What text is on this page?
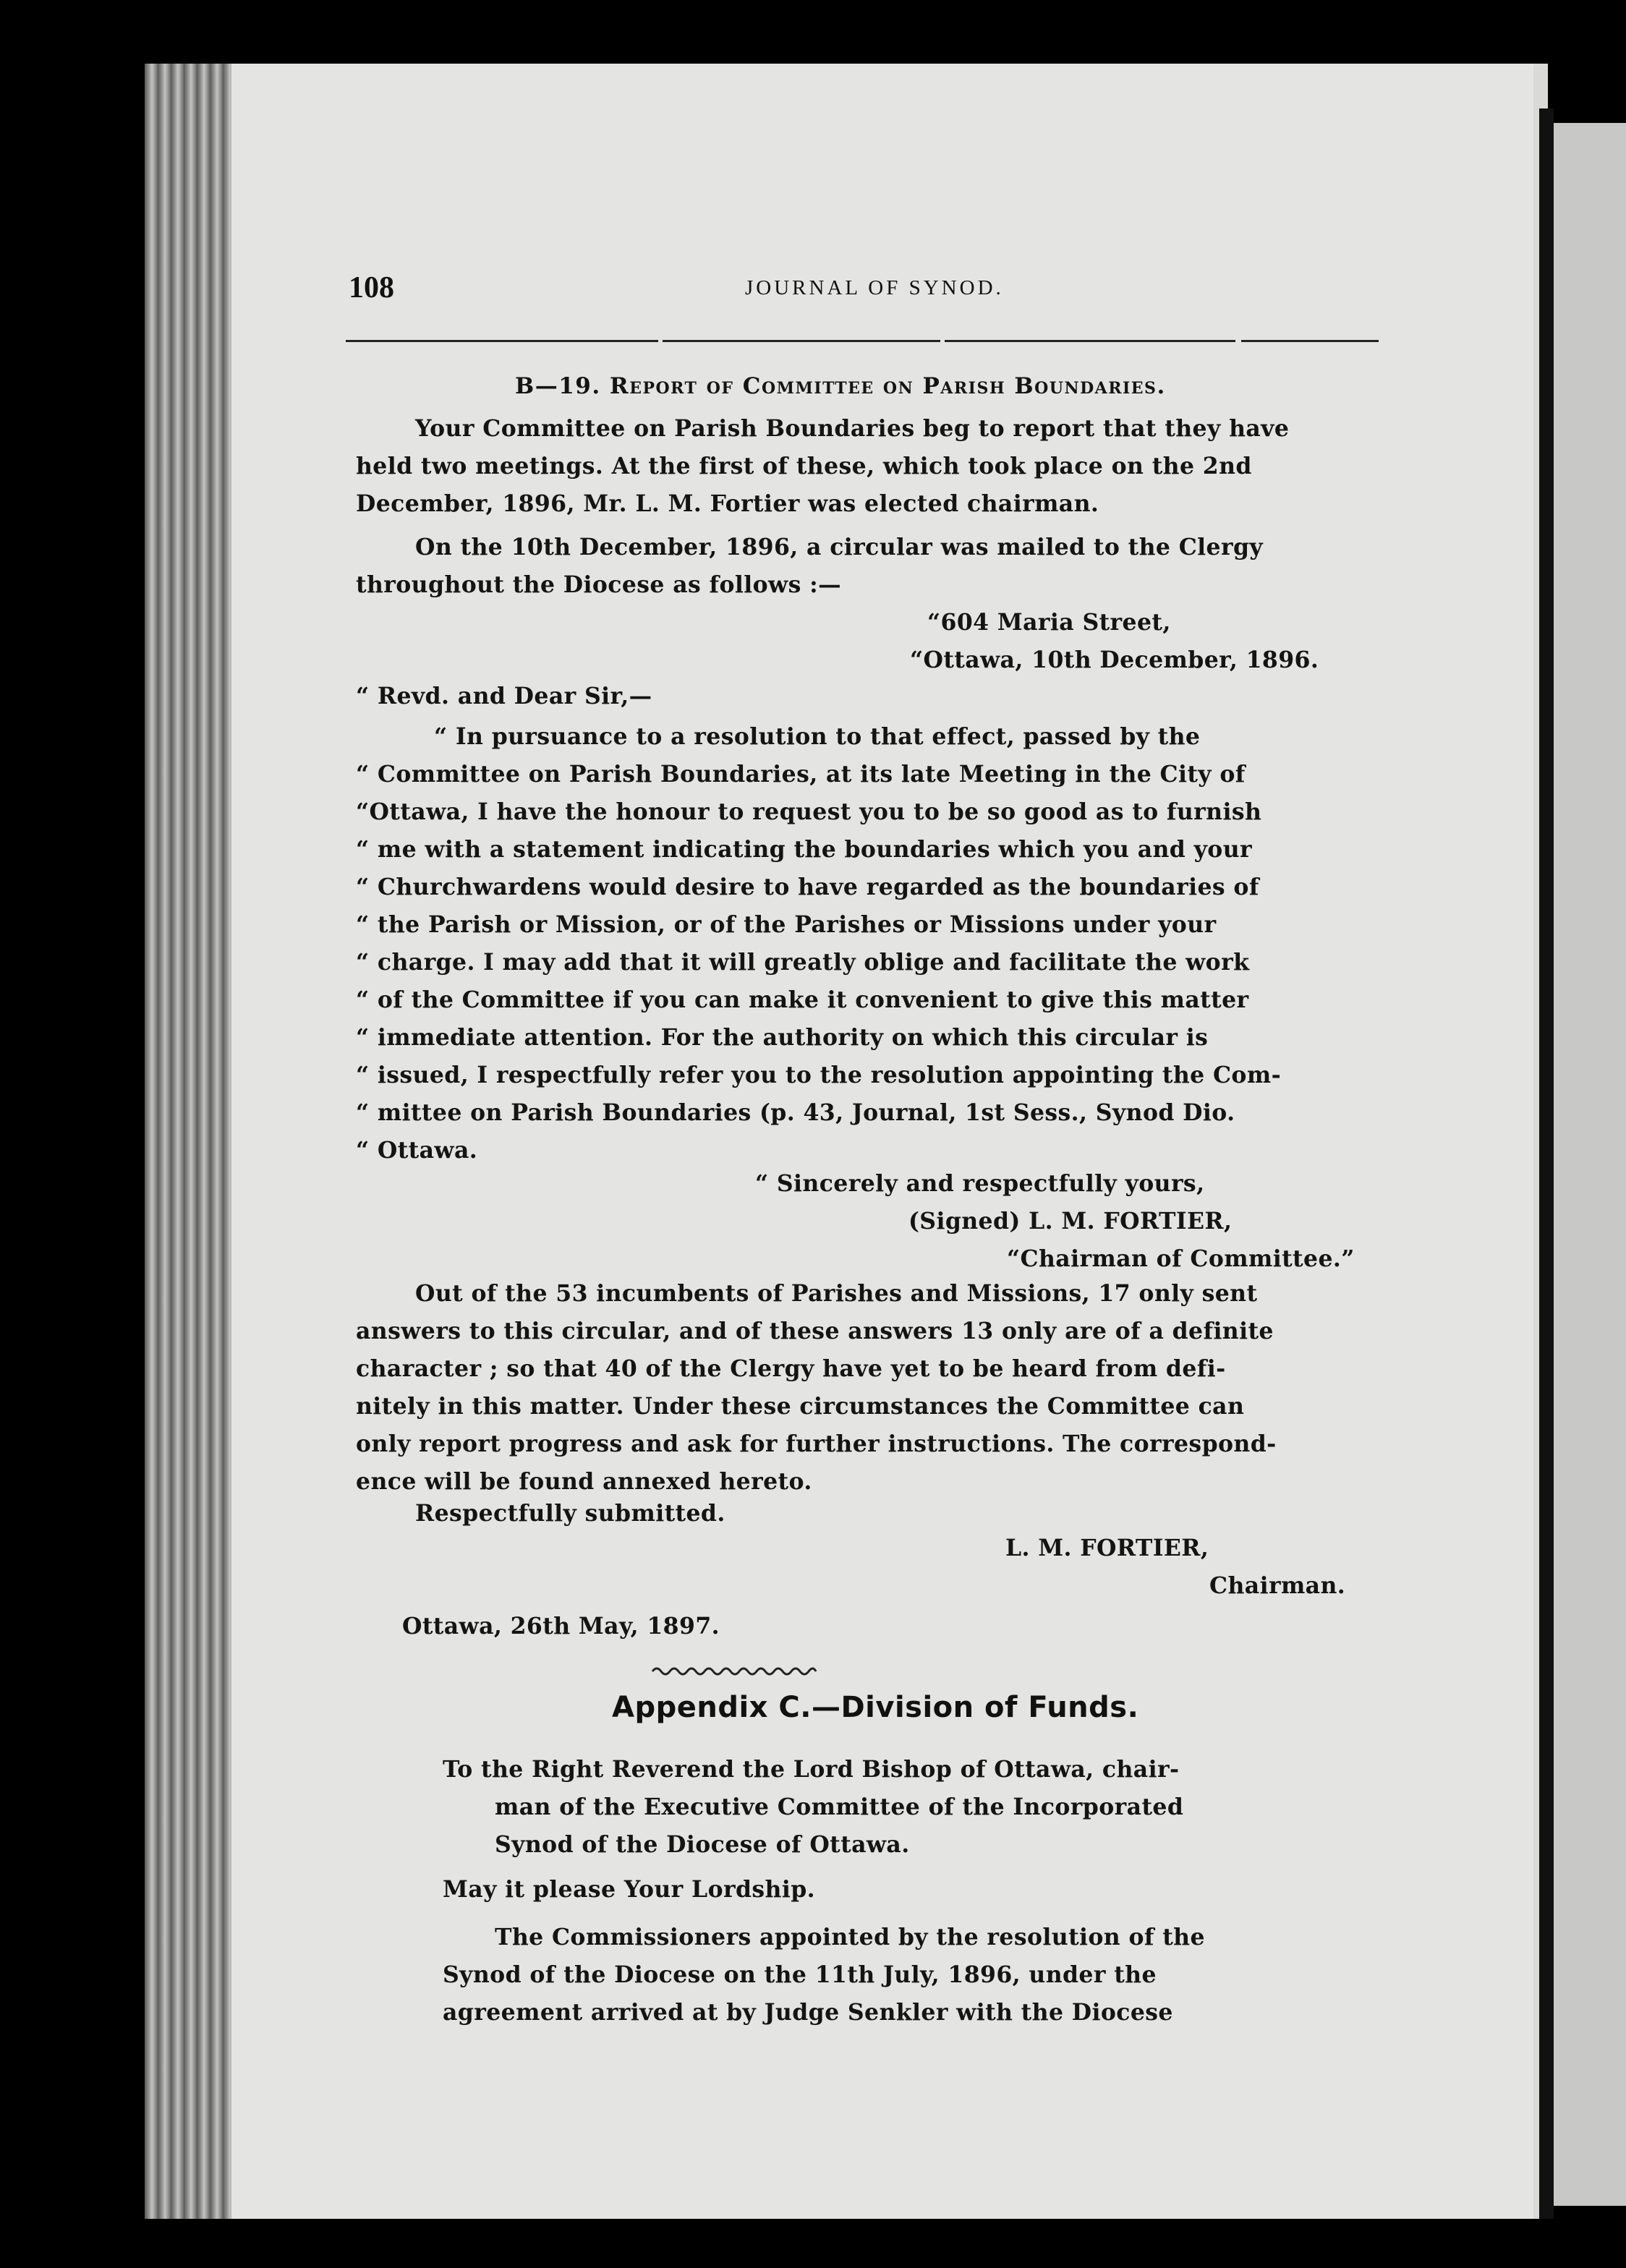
108	JOURNAL OF SYNOD.
B—19. Report of Committee on Parish Boundaries.
Your Committee on Parish Boundaries beg to report that they have
held two meetings. At the first of these, which took place on the 2nd
December, 1896, Mr. L. M. Fortier was elected chairman.
On the 10th December, 1896, a circular was mailed to the Clergy
throughout the Diocese as follows :—
“604 Maria Street,
“Ottawa, 10th December, 1896.
“ Revd. and Dear Sir,—
“ In pursuance to a resolution to that effect, passed by the
“ Committee on Parish Boundaries, at its late Meeting in the City of
“Ottawa, I have the honour to request you to be so good as to furnish
“ me with a statement indicating the boundaries which you and your
“ Churchwardens would desire to have regarded as the boundaries of
“ the Parish or Mission, or of the Parishes or Missions under your
“ charge. I may add that it will greatly oblige and facilitate the work
“ of the Committee if you can make it convenient to give this matter
“ immediate attention. For the authority on which this circular is
“ issued, I respectfully refer you to the resolution appointing the Com-
“ mittee on Parish Boundaries (p. 43, Journal, 1st Sess., Synod Dio.
“ Ottawa.
“ Sincerely and respectfully yours,
(Signed) L. M. FORTIER,
“Chairman of Committee.”
Out of the 53 incumbents of Parishes and Missions, 17 only sent
answers to this circular, and of these answers 13 only are of a definite
character ; so that 40 of the Clergy have yet to be heard from defi-
nitely in this matter. Under these circumstances the Committee can
only report progress and ask for further instructions. The correspond-
ence will be found annexed hereto.
Respectfully submitted.
L. M. FORTIER,
Chairman.
Ottawa, 26th May, 1897.
Appendix C.—Division of Funds.
To the Right Reverend the Lord Bishop of Ottawa, chair-
man of the Executive Committee of the Incorporated
Synod of the Diocese of Ottawa.
May it please Your Lordship.
The Commissioners appointed by the resolution of the
Synod of the Diocese on the 11th July, 1896, under the
agreement arrived at by Judge Senkler with the Diocese
